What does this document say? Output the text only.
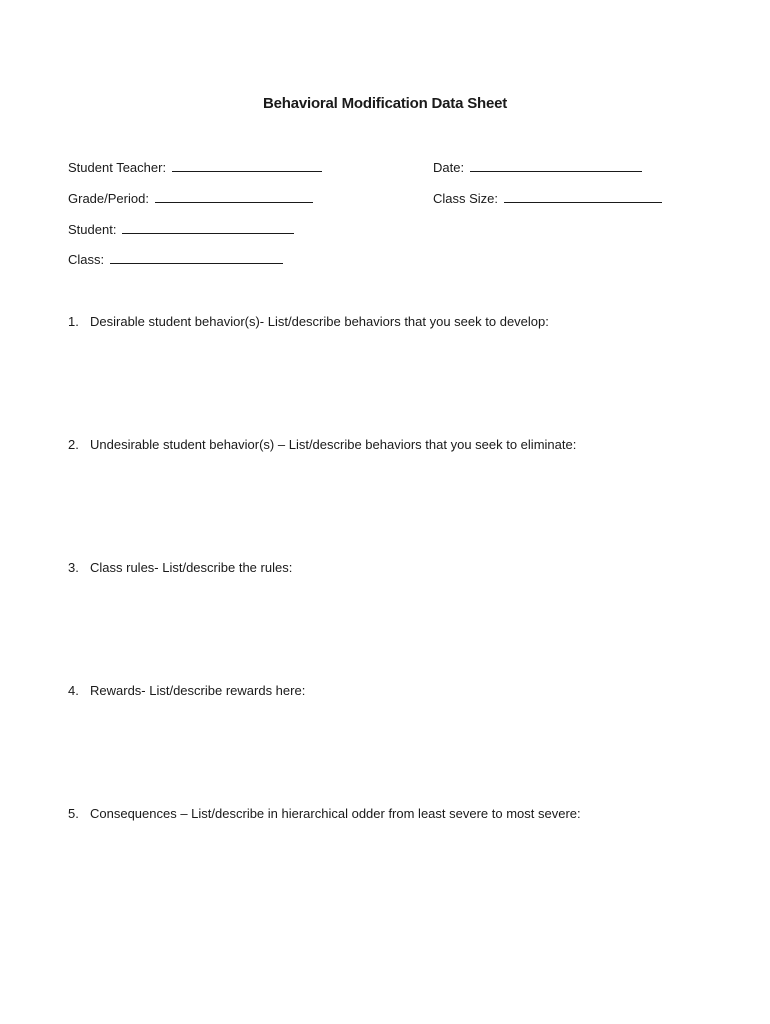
Behavioral Modification Data Sheet
Student Teacher:	Date:
Grade/Period:	Class Size:
Student:
Class:
1. Desirable student behavior(s)- List/describe behaviors that you seek to develop:
2. Undesirable student behavior(s) – List/describe behaviors that you seek to eliminate:
3. Class rules- List/describe the rules:
4. Rewards- List/describe rewards here:
5. Consequences – List/describe in hierarchical odder from least severe to most severe:
